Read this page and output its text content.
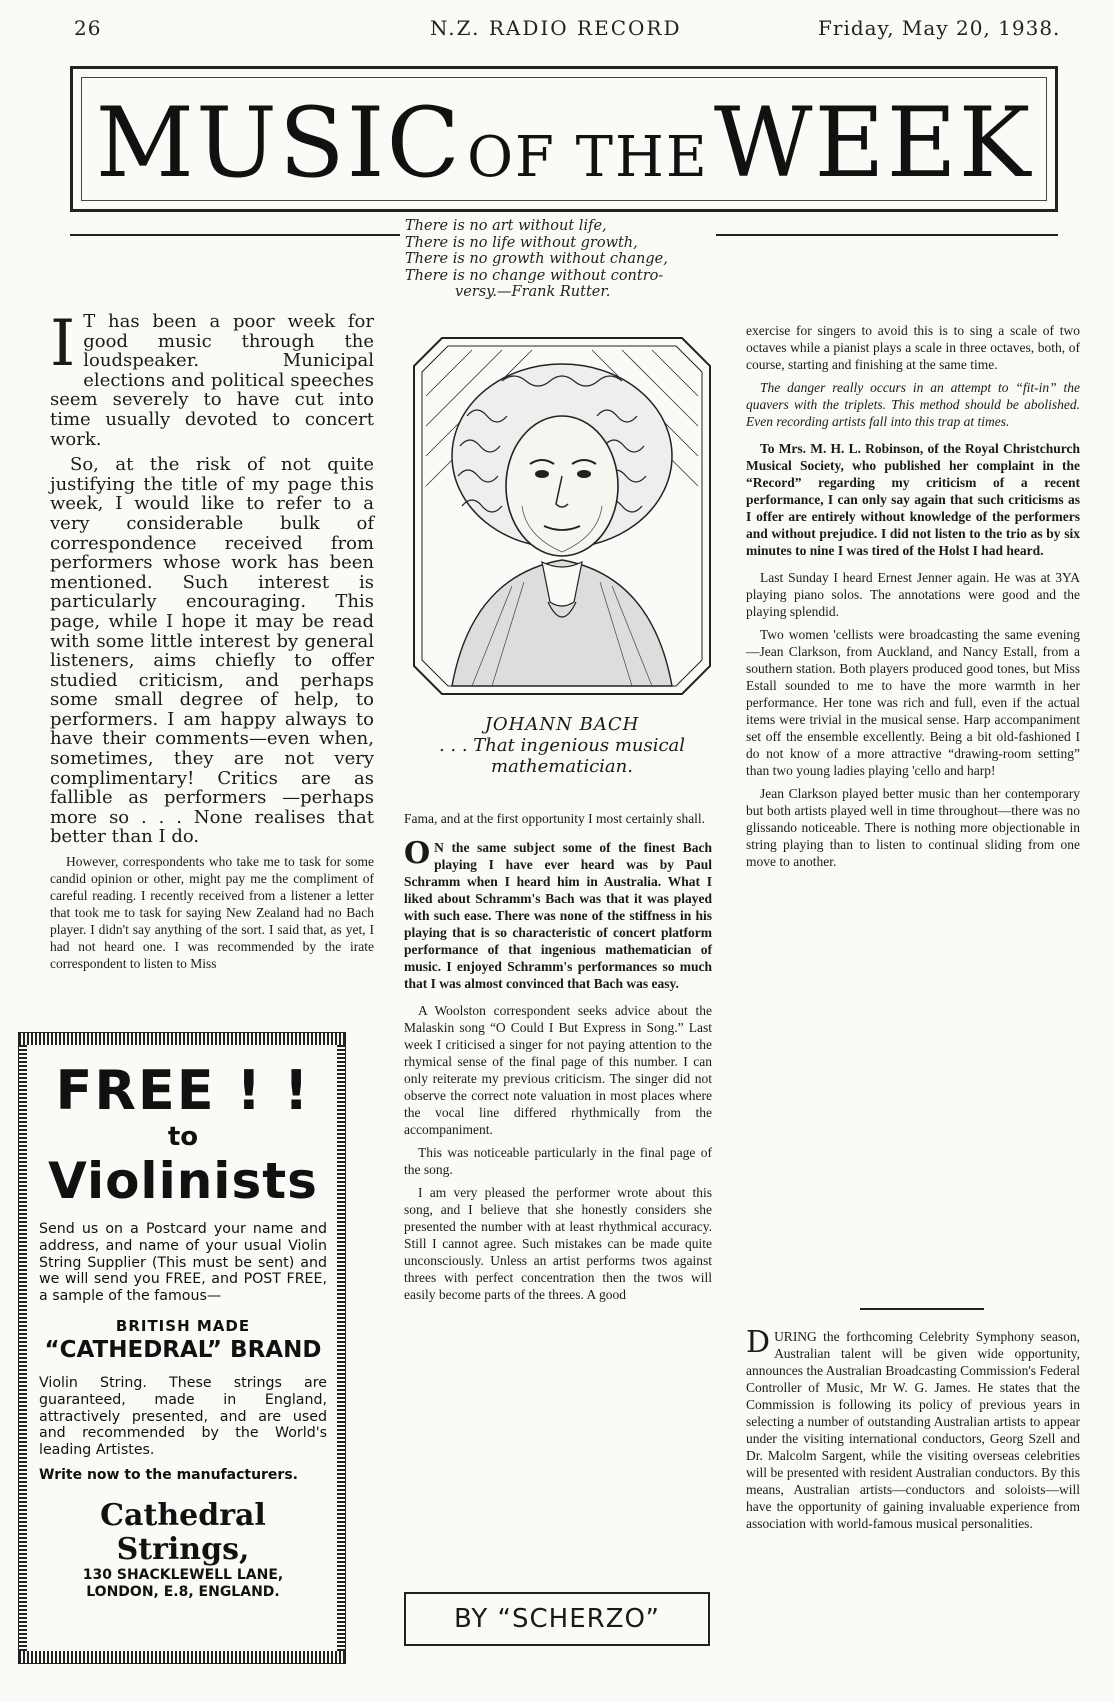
26	N.Z. RADIO RECORD	Friday, May 20, 1938.
MUSIC OF THE WEEK
There is no art without life,
There is no life without growth,
There is no growth without change,
There is no change without contro-
versy.—Frank Rutter.

I T has been a poor week for good music through the loudspeaker. Municipal elections and political speeches seem severely to have cut into time usually devoted to concert work.

So, at the risk of not quite justifying the title of my page this week, I would like to refer to a very considerable bulk of correspondence received from performers whose work has been mentioned. Such interest is particularly encouraging. This page, while I hope it may be read with some little interest by general listeners, aims chiefly to offer studied criticism, and perhaps some small degree of help, to performers. I am happy always to have their comments—even when, sometimes, they are not very complimentary! Critics are as fallible as performers —perhaps more so . . . None realises that better than I do.

However, correspondents who take me to task for some candid opinion or other, might pay me the compliment of careful reading. I recently received from a listener a letter that took me to task for saying New Zealand had no Bach player. I didn't say anything of the sort. I said that, as yet, I had not heard one. I was recommended by the irate correspondent to listen to Miss

FREE ! !
to
Violinists
Send us on a Postcard your name and address, and name of your usual Violin String Supplier (This must be sent) and we will send you FREE, and POST FREE, a sample of the famous—
BRITISH MADE
“CATHEDRAL” BRAND
Violin String. These strings are guaranteed, made in England, attractively presented, and are used and recommended by the World's leading Artistes.
Write now to the manufacturers.
Cathedral Strings,
130 SHACKLEWELL LANE,
LONDON, E.8, ENGLAND.
JOHANN BACH
. . . That ingenious musical mathematician.

Fama, and at the first opportunity I most certainly shall.

O N the same subject some of the finest Bach playing I have ever heard was by Paul Schramm when I heard him in Australia. What I liked about Schramm's Bach was that it was played with such ease. There was none of the stiffness in his playing that is so characteristic of concert platform performance of that ingenious mathematician of music. I enjoyed Schramm's performances so much that I was almost convinced that Bach was easy.

A Woolston correspondent seeks advice about the Malaskin song “O Could I But Express in Song.” Last week I criticised a singer for not paying attention to the rhymical sense of the final page of this number. I can only reiterate my previous criticism. The singer did not observe the correct note valuation in most places where the vocal line differed rhythmically from the accompaniment.

This was noticeable particularly in the final page of the song.

I am very pleased the performer wrote about this song, and I believe that she honestly considers she presented the number with at least rhythmical accuracy. Still I cannot agree. Such mistakes can be made quite unconsciously. Unless an artist performs twos against threes with perfect concentration then the twos will easily become parts of the threes. A good

BY “SCHERZO”

exercise for singers to avoid this is to sing a scale of two octaves while a pianist plays a scale in three octaves, both, of course, starting and finishing at the same time.

The danger really occurs in an attempt to “fit-in” the quavers with the triplets. This method should be abolished. Even recording artists fall into this trap at times.

To Mrs. M. H. L. Robinson, of the Royal Christchurch Musical Society, who published her complaint in the “Record” regarding my criticism of a recent performance, I can only say again that such criticisms as I offer are entirely without knowledge of the performers and without prejudice. I did not listen to the trio as by six minutes to nine I was tired of the Holst I had heard.

Last Sunday I heard Ernest Jenner again. He was at 3YA playing piano solos. The annotations were good and the playing splendid.

Two women 'cellists were broadcasting the same evening—Jean Clarkson, from Auckland, and Nancy Estall, from a southern station. Both players produced good tones, but Miss Estall sounded to me to have the more warmth in her performance. Her tone was rich and full, even if the actual items were trivial in the musical sense. Harp accompaniment set off the ensemble excellently. Being a bit old-fashioned I do not know of a more attractive “drawing-room setting” than two young ladies playing 'cello and harp!

Jean Clarkson played better music than her contemporary but both artists played well in time throughout—there was no glissando noticeable. There is nothing more objectionable in string playing than to listen to continual sliding from one move to another.

DURING the forthcoming Celebrity Symphony season, Australian talent will be given wide opportunity, announces the Australian Broadcasting Commission's Federal Controller of Music, Mr W. G. James. He states that the Commission is following its policy of previous years in selecting a number of outstanding Australian artists to appear under the visiting international conductors, Georg Szell and Dr. Malcolm Sargent, while the visiting overseas celebrities will be presented with resident Australian conductors. By this means, Australian artists—conductors and soloists—will have the opportunity of gaining invaluable experience from association with world-famous musical personalities.
